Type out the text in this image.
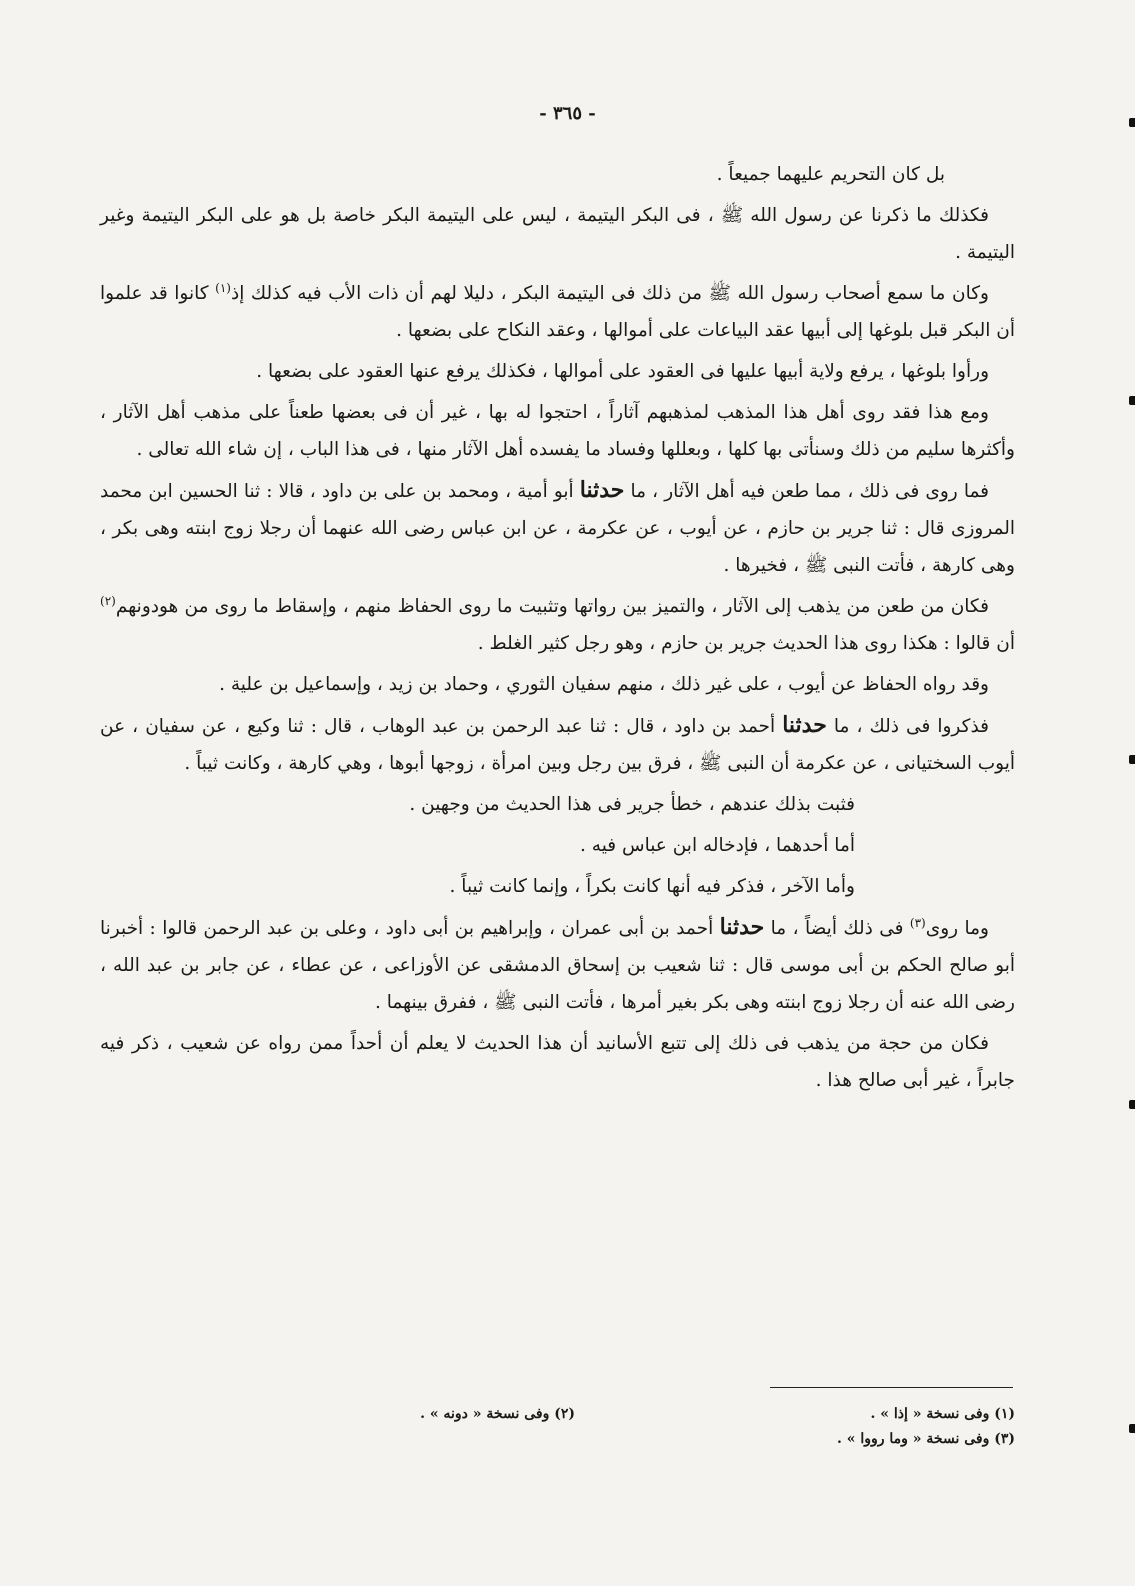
- ٣٦٥ -

بل كان التحريم عليهما جميعاً .

فكذلك ما ذكرنا عن رسول الله ﷺ ، فى البكر اليتيمة ، ليس على اليتيمة البكر خاصة بل هو على البكر اليتيمة وغير اليتيمة .

وكان ما سمع أصحاب رسول الله ﷺ من ذلك فى اليتيمة البكر ، دليلا لهم أن ذات الأب فيه كذلك إذ$^{(١)}$ كانوا قد علموا أن البكر قبل بلوغها إلى أبيها عقد البياعات على أموالها ، وعقد النكاح على بضعها .

ورأوا بلوغها ، يرفع ولاية أبيها عليها فى العقود على أموالها ، فكذلك يرفع عنها العقود على بضعها .

ومع هذا فقد روى أهل هذا المذهب لمذهبهم آثاراً ، احتجوا له بها ، غير أن فى بعضها طعناً على مذهب أهل الآثار ، وأكثرها سليم من ذلك وسنأتى بها كلها ، وبعللها وفساد ما يفسده أهل الآثار منها ، فى هذا الباب ، إن شاء الله تعالى .

فما روى فى ذلك ، مما طعن فيه أهل الآثار ، ما حدثنا أبو أمية ، ومحمد بن على بن داود ، قالا : ثنا الحسين ابن محمد المروزى قال : ثنا جرير بن حازم ، عن أيوب ، عن عكرمة ، عن ابن عباس رضى الله عنهما أن رجلا زوج ابنته وهى بكر ، وهى كارهة ، فأتت النبى ﷺ ، فخيرها .

فكان من طعن من يذهب إلى الآثار ، والتميز بين رواتها وتثبيت ما روى الحفاظ منهم ، وإسقاط ما روى من هودونهم$^{(٢)}$ أن قالوا : هكذا روى هذا الحديث جرير بن حازم ، وهو رجل كثير الغلط .

وقد رواه الحفاظ عن أيوب ، على غير ذلك ، منهم سفيان الثوري ، وحماد بن زيد ، وإسماعيل بن علية .

فذكروا فى ذلك ، ما حدثنا أحمد بن داود ، قال : ثنا عبد الرحمن بن عبد الوهاب ، قال : ثنا وكيع ، عن سفيان ، عن أيوب السختيانى ، عن عكرمة أن النبى ﷺ ، فرق بين رجل وبين امرأة ، زوجها أبوها ، وهي كارهة ، وكانت ثيباً .

فثبت بذلك عندهم ، خطأ جرير فى هذا الحديث من وجهين .

أما أحدهما ، فإدخاله ابن عباس فيه .

وأما الآخر ، فذكر فيه أنها كانت بكراً ، وإنما كانت ثيباً .

وما روى$^{(٣)}$ فى ذلك أيضاً ، ما حدثنا أحمد بن أبى عمران ، وإبراهيم بن أبى داود ، وعلى بن عبد الرحمن قالوا : أخبرنا أبو صالح الحكم بن أبى موسى قال : ثنا شعيب بن إسحاق الدمشقى عن الأوزاعى ، عن عطاء ، عن جابر بن عبد الله ، رضى الله عنه أن رجلا زوج ابنته وهى بكر بغير أمرها ، فأتت النبى ﷺ ، ففرق بينهما .

فكان من حجة من يذهب فى ذلك إلى تتبع الأسانيد أن هذا الحديث لا يعلم أن أحداً ممن رواه عن شعيب ، ذكر فيه جابراً ، غير أبى صالح هذا .

(١) وفى نسخة « إذا » .
(٣) وفى نسخة « وما رووا » .
(٢) وفى نسخة « دونه » .
